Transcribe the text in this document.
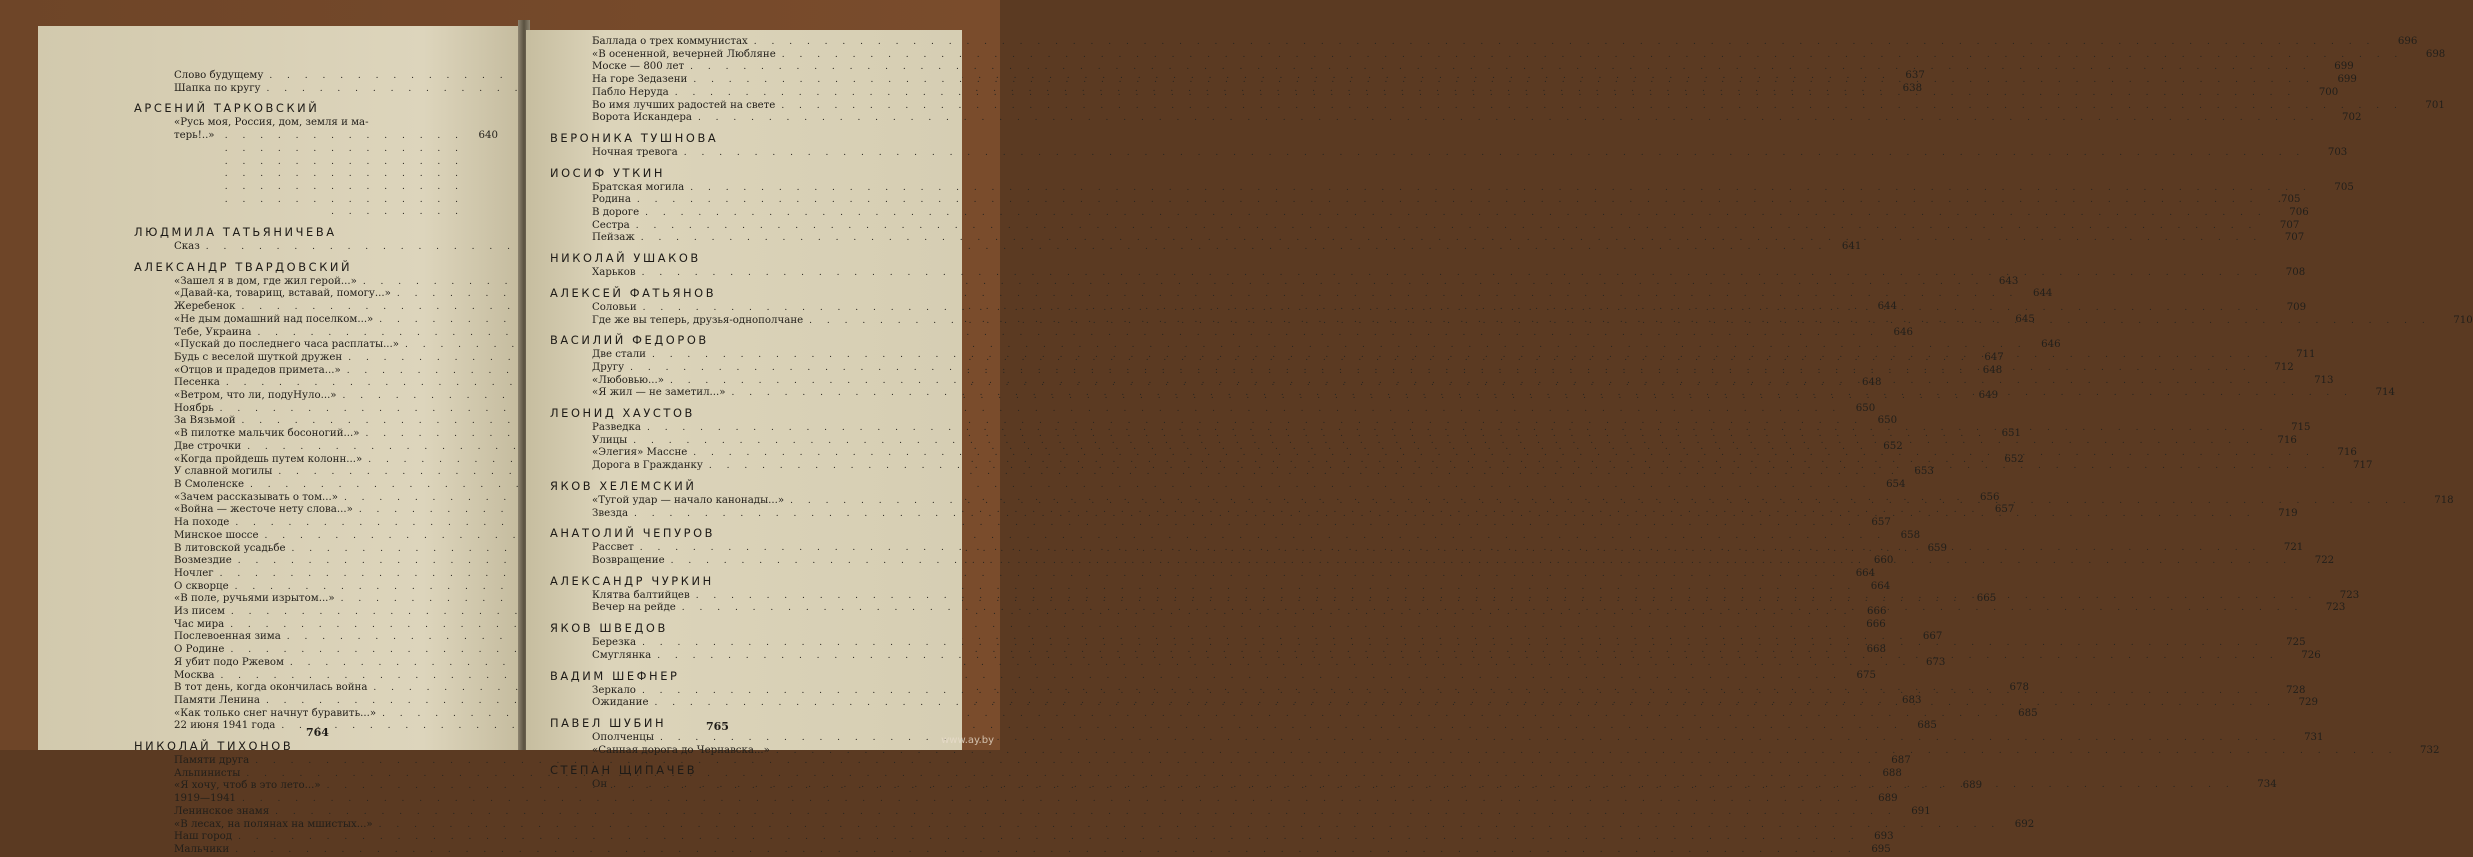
Слово будущему . . .	637
Шапка по кругу . . .	638
АРСЕНИЙ ТАРКОВСКИЙ
«Русь моя, Россия, дом, земля и ма-
терь!..» . . .	640
ЛЮДМИЛА ТАТЬЯНИЧЕВА
Сказ . . .	641
АЛЕКСАНДР ТВАРДОВСКИЙ
«Зашел я в дом, где жил герой...» . . .	643
«Давай-ка, товарищ, вставай, помогу...» . . .	644
Жеребенок . . .	644
«Не дым домашний над поселком...» . . .	645
Тебе, Украина . . .	646
«Пускай до последнего часа расплаты...» . . .	646
Будь с веселой шуткой дружен . . .	647
«Отцов и прадедов примета...» . . .	648
Песенка . . .	648
«Ветром, что ли, подуНуло...» . . .	649
Ноябрь . . .	650
За Вязьмой . . .	650
«В пилотке мальчик босоногий...» . . .	651
Две строчки . . .	652
«Когда пройдешь путем колонн...» . . .	652
У славной могилы . . .	653
В Смоленске . . .	654
«Зачем рассказывать о том...» . . .	656
«Война — жесточе нету слова...» . . .	657
На походе . . .	657
Минское шоссе . . .	658
В литовской усадьбе . . .	659
Возмездие . . .	660
Ночлег . . .	664
О скворце . . .	664
«В поле, ручьями изрытом...» . . .	665
Из писем . . .	666
Час мира . . .	666
Послевоенная зима . . .	667
О Родине . . .	668
Я убит подо Ржевом . . .	673
Москва . . .	675
В тот день, когда окончилась война . . .	678
Памяти Ленина . . .	683
«Как только снег начнут буравить...» . . .	685
22 июня 1941 года . . .	685
НИКОЛАЙ ТИХОНОВ
Памяти друга . . .	687
Альпинисты . . .	688
«Я хочу, чтоб в это лето...» . . .	689
1919—1941 . . .	689
Ленинское знамя . . .	691
«В лесах, на полянах на мшистых...» . . .	692
Наш город . . .	693
Мальчики . . .	695
764
Баллада о трех коммунистах . . .	696
«В осененной, вечерней Любляне . . .	698
Моске — 800 лет . . .	699
На горе Зедазени . . .	699
Пабло Неруда . . .	700
Во имя лучших радостей на свете . . .	701
Ворота Искандера . . .	702
ВЕРОНИКА ТУШНОВА
Ночная тревога . . .	703
ИОСИФ УТКИН
Братская могила . . .	705
Родина . . .	.705
В дороге . . .	706
Сестра . . .	707
Пейзаж . . .	707
НИКОЛАЙ УШАКОВ
Харьков . . .	708
АЛЕКСЕЙ ФАТЬЯНОВ
Соловьи . . .	709
Где же вы теперь, друзья-однополчане . . .	710
ВАСИЛИЙ ФЕДОРОВ
Две стали . . .	711
Другу . . .	712
«Любовью...» . . .	713
«Я жил — не заметил...» . . .	714
ЛЕОНИД ХАУСТОВ
Разведка . . .	715
Улицы . . .	716
«Элегия» Массне . . .	716
Дорога в Гражданку . . .	717
ЯКОВ ХЕЛЕМСКИЙ
«Тугой удар — начало канонады...» . . .	718
Звезда . . .	719
АНАТОЛИЙ ЧЕПУРОВ
Рассвет . . .	721
Возвращение . . .	722
АЛЕКСАНДР ЧУРКИН
Клятва балтийцев . . .	723
Вечер на рейде . . .	723
ЯКОВ ШВЕДОВ
Березка . . .	725
Смуглянка . . .	726
ВАДИМ ШЕФНЕР
Зеркало . . .	728
Ожидание . . .	729
ПАВЕЛ ШУБИН
Ополченцы . . .	731
«Санная дорога до Чернавска...» . . .	732
СТЕПАН ЩИПАЧЕВ
Он . . .	734
765
www.ay.by
